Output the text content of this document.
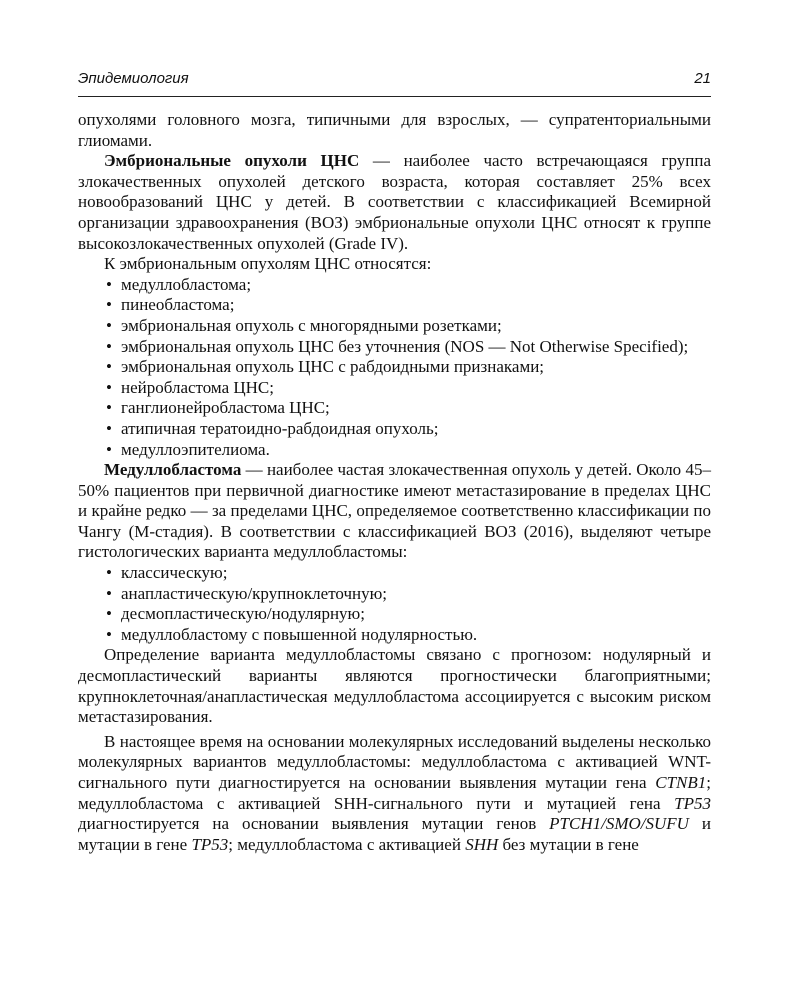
Эпидемиология	21

опухолями головного мозга, типичными для взрослых, — супратенториальными глиомами.

Эмбриональные опухоли ЦНС — наиболее часто встречающаяся группа злокачественных опухолей детского возраста, которая составляет 25% всех новообразований ЦНС у детей. В соответствии с классификацией Всемирной организации здравоохранения (ВОЗ) эмбриональные опухоли ЦНС относят к группе высокозлокачественных опухолей (Grade IV).

К эмбриональным опухолям ЦНС относятся:

• медуллобластома;
• пинеобластома;
• эмбриональная опухоль с многорядными розетками;
• эмбриональная опухоль ЦНС без уточнения (NOS — Not Otherwise Specified);
• эмбриональная опухоль ЦНС с рабдоидными признаками;
• нейробластома ЦНС;
• ганглионейробластома ЦНС;
• атипичная тератоидно-рабдоидная опухоль;
• медуллоэпителиома.

Медуллобластома — наиболее частая злокачественная опухоль у детей. Около 45–50% пациентов при первичной диагностике имеют метастазирование в пределах ЦНС и крайне редко — за пределами ЦНС, определяемое соответственно классификации по Чангу (М-стадия). В соответствии с классификацией ВОЗ (2016), выделяют четыре гистологических варианта медуллобластомы:

• классическую;
• анапластическую/крупноклеточную;
• десмопластическую/нодулярную;
• медуллобластому с повышенной нодулярностью.

Определение варианта медуллобластомы связано с прогнозом: нодулярный и десмопластический варианты являются прогностически благоприятными; крупноклеточная/анапластическая медуллобластома ассоциируется с высоким риском метастазирования.

В настоящее время на основании молекулярных исследований выделены несколько молекулярных вариантов медуллобластомы: медуллобластома с активацией WNT-сигнального пути диагностируется на основании выявления мутации гена CTNB1; медуллобластома с активацией SHH-сигнального пути и мутацией гена TP53 диагностируется на основании выявления мутации генов PTCH1/SMO/SUFU и мутации в гене TP53; медуллобластома с активацией SHH без мутации в гене
